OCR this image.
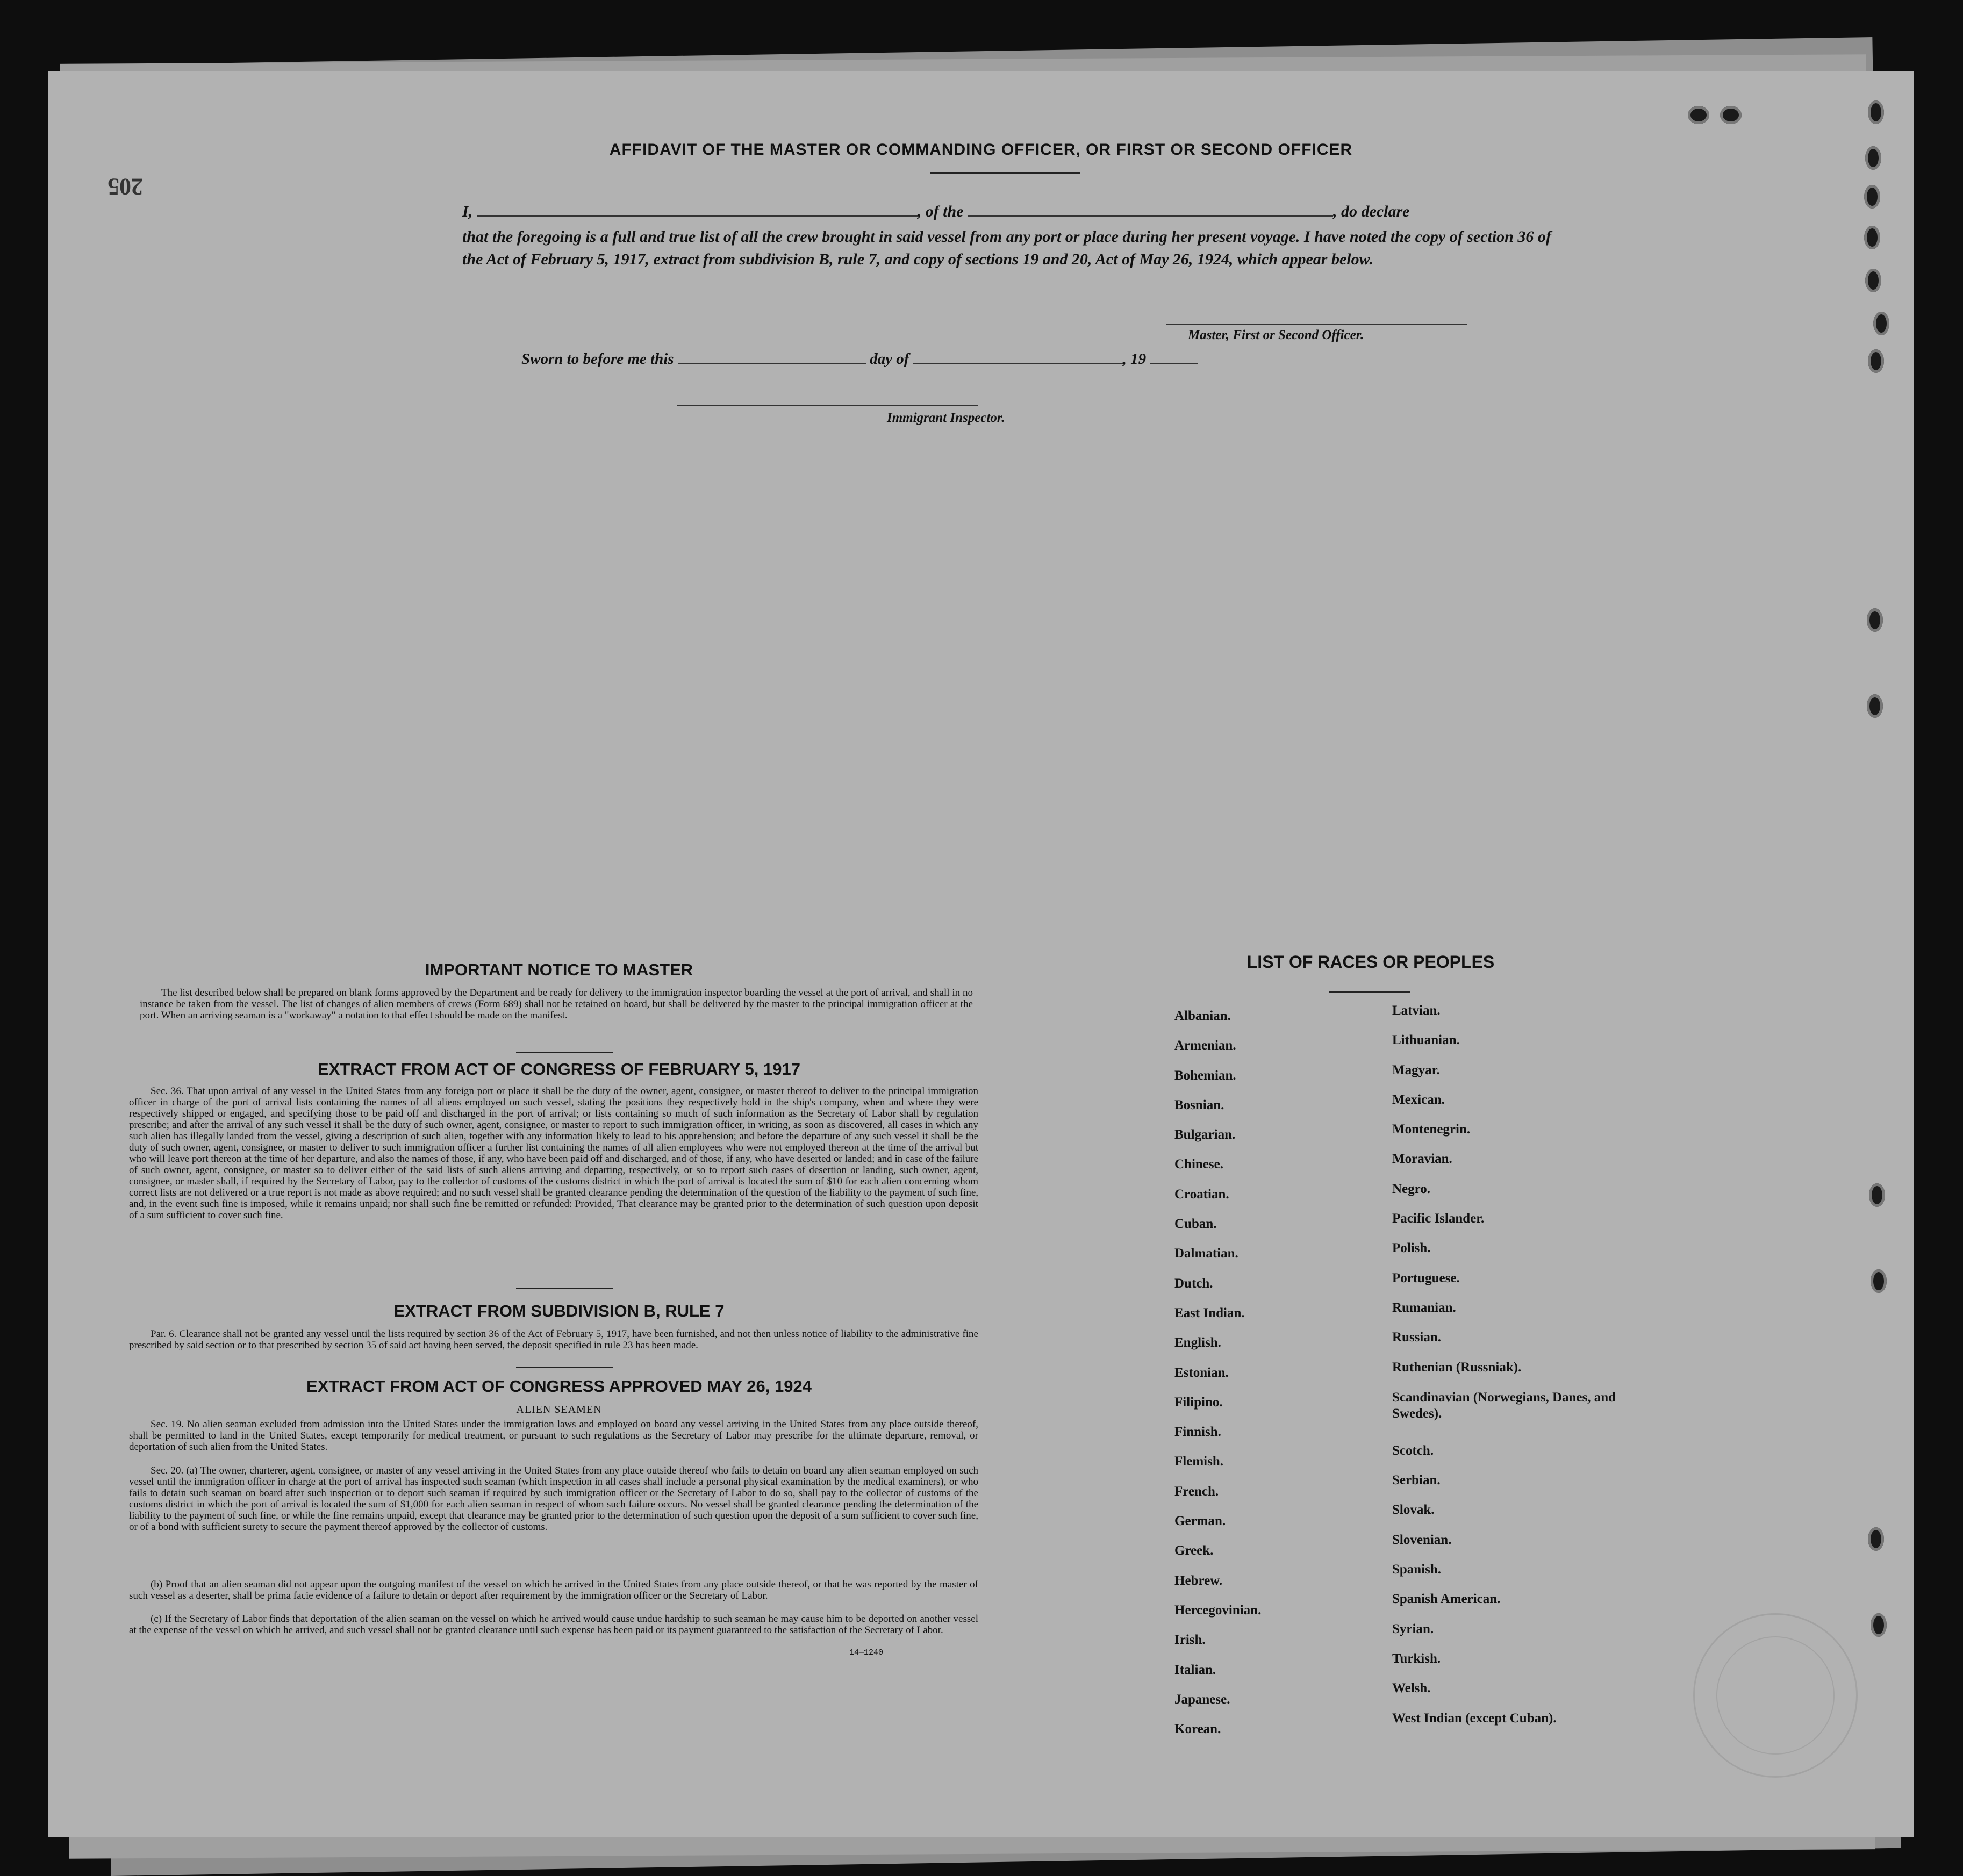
205
AFFIDAVIT OF THE MASTER OR COMMANDING OFFICER, OR FIRST OR SECOND OFFICER
I,	, of the	, do declare
that the foregoing is a full and true list of all the crew brought in said vessel from any port or place during her present voyage. I have noted the copy of section 36 of the Act of February 5, 1917, extract from subdivision B, rule 7, and copy of sections 19 and 20, Act of May 26, 1924, which appear below.
Master, First or Second Officer.
Sworn to before me this	day of	, 19
Immigrant Inspector.
IMPORTANT NOTICE TO MASTER
The list described below shall be prepared on blank forms approved by the Department and be ready for delivery to the immigration inspector boarding the vessel at the port of arrival, and shall in no instance be taken from the vessel. The list of changes of alien members of crews (Form 689) shall not be retained on board, but shall be delivered by the master to the principal immigration officer at the port. When an arriving seaman is a "workaway" a notation to that effect should be made on the manifest.
EXTRACT FROM ACT OF CONGRESS OF FEBRUARY 5, 1917
Sec. 36. That upon arrival of any vessel in the United States from any foreign port or place it shall be the duty of the owner, agent, consignee, or master thereof to deliver to the principal immigration officer in charge of the port of arrival lists containing the names of all aliens employed on such vessel, stating the positions they respectively hold in the ship's company, when and where they were respectively shipped or engaged, and specifying those to be paid off and discharged in the port of arrival; or lists containing so much of such information as the Secretary of Labor shall by regulation prescribe; and after the arrival of any such vessel it shall be the duty of such owner, agent, consignee, or master to report to such immigration officer, in writing, as soon as discovered, all cases in which any such alien has illegally landed from the vessel, giving a description of such alien, together with any information likely to lead to his apprehension; and before the departure of any such vessel it shall be the duty of such owner, agent, consignee, or master to deliver to such immigration officer a further list containing the names of all alien employees who were not employed thereon at the time of the arrival but who will leave port thereon at the time of her departure, and also the names of those, if any, who have been paid off and discharged, and of those, if any, who have deserted or landed; and in case of the failure of such owner, agent, consignee, or master so to deliver either of the said lists of such aliens arriving and departing, respectively, or so to report such cases of desertion or landing, such owner, agent, consignee, or master shall, if required by the Secretary of Labor, pay to the collector of customs of the customs district in which the port of arrival is located the sum of $10 for each alien concerning whom correct lists are not delivered or a true report is not made as above required; and no such vessel shall be granted clearance pending the determination of the question of the liability to the payment of such fine, and, in the event such fine is imposed, while it remains unpaid; nor shall such fine be remitted or refunded: Provided, That clearance may be granted prior to the determination of such question upon deposit of a sum sufficient to cover such fine.
EXTRACT FROM SUBDIVISION B, RULE 7
Par. 6. Clearance shall not be granted any vessel until the lists required by section 36 of the Act of February 5, 1917, have been furnished, and not then unless notice of liability to the administrative fine prescribed by said section or to that prescribed by section 35 of said act having been served, the deposit specified in rule 23 has been made.
EXTRACT FROM ACT OF CONGRESS APPROVED MAY 26, 1924
ALIEN SEAMEN
Sec. 19. No alien seaman excluded from admission into the United States under the immigration laws and employed on board any vessel arriving in the United States from any place outside thereof, shall be permitted to land in the United States, except temporarily for medical treatment, or pursuant to such regulations as the Secretary of Labor may prescribe for the ultimate departure, removal, or deportation of such alien from the United States.
Sec. 20. (a) The owner, charterer, agent, consignee, or master of any vessel arriving in the United States from any place outside thereof who fails to detain on board any alien seaman employed on such vessel until the immigration officer in charge at the port of arrival has inspected such seaman (which inspection in all cases shall include a personal physical examination by the medical examiners), or who fails to detain such seaman on board after such inspection or to deport such seaman if required by such immigration officer or the Secretary of Labor to do so, shall pay to the collector of customs of the customs district in which the port of arrival is located the sum of $1,000 for each alien seaman in respect of whom such failure occurs. No vessel shall be granted clearance pending the determination of the liability to the payment of such fine, or while the fine remains unpaid, except that clearance may be granted prior to the determination of such question upon the deposit of a sum sufficient to cover such fine, or of a bond with sufficient surety to secure the payment thereof approved by the collector of customs.
(b) Proof that an alien seaman did not appear upon the outgoing manifest of the vessel on which he arrived in the United States from any place outside thereof, or that he was reported by the master of such vessel as a deserter, shall be prima facie evidence of a failure to detain or deport after requirement by the immigration officer or the Secretary of Labor.
(c) If the Secretary of Labor finds that deportation of the alien seaman on the vessel on which he arrived would cause undue hardship to such seaman he may cause him to be deported on another vessel at the expense of the vessel on which he arrived, and such vessel shall not be granted clearance until such expense has been paid or its payment guaranteed to the satisfaction of the Secretary of Labor.
14—1240
LIST OF RACES OR PEOPLES
Albanian.
Armenian.
Bohemian.
Bosnian.
Bulgarian.
Chinese.
Croatian.
Cuban.
Dalmatian.
Dutch.
East Indian.
English.
Estonian.
Filipino.
Finnish.
Flemish.
French.
German.
Greek.
Hebrew.
Hercegovinian.
Irish.
Italian.
Japanese.
Korean.
Latvian.
Lithuanian.
Magyar.
Mexican.
Montenegrin.
Moravian.
Negro.
Pacific Islander.
Polish.
Portuguese.
Rumanian.
Russian.
Ruthenian (Russniak).
Scandinavian (Norwegians, Danes, and Swedes).
Scotch.
Serbian.
Slovak.
Slovenian.
Spanish.
Spanish American.
Syrian.
Turkish.
Welsh.
West Indian (except Cuban).
